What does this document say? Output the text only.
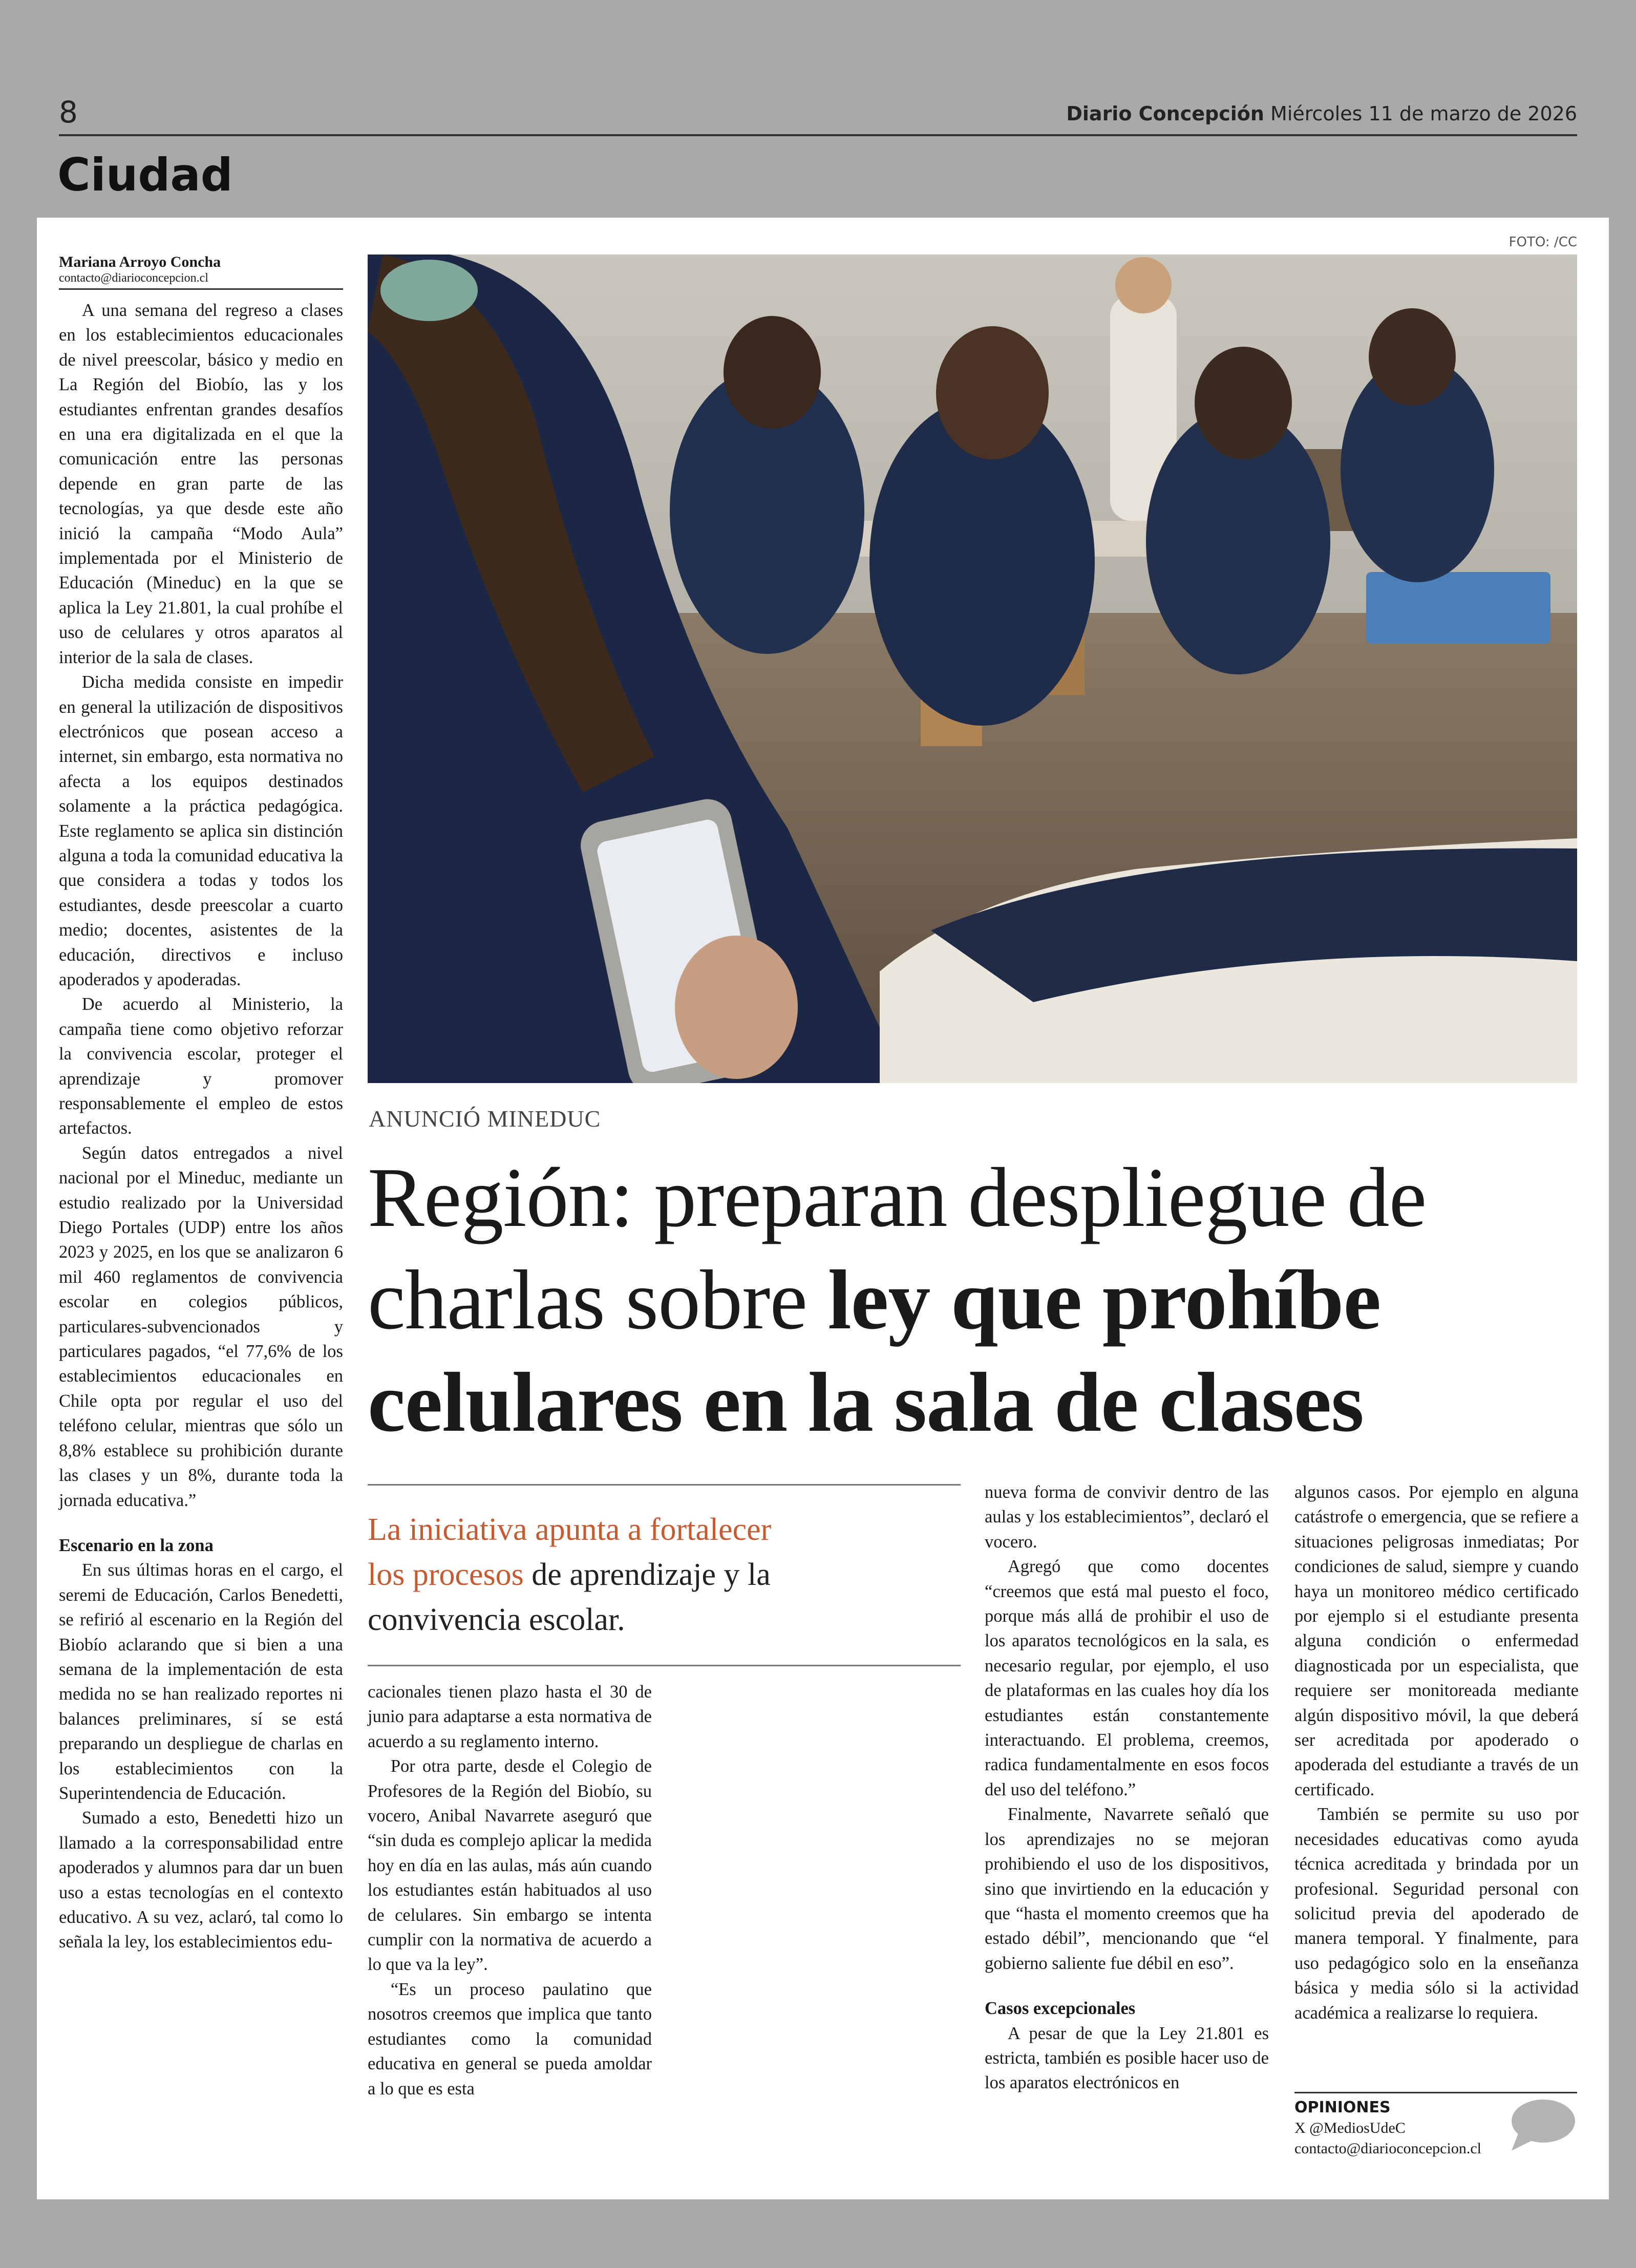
8	Diario Concepción Miércoles 11 de marzo de 2026
Ciudad
Mariana Arroyo Concha
contacto@diarioconcepcion.cl

A una semana del regreso a clases en los establecimientos educacionales de nivel preescolar, básico y medio en La Región del Biobío, las y los estudiantes enfrentan grandes desafíos en una era digitalizada en el que la comunicación entre las personas depende en gran parte de las tecnologías, ya que desde este año inició la campaña “Modo Aula” implementada por el Ministerio de Educación (Mineduc) en la que se aplica la Ley 21.801, la cual prohíbe el uso de celulares y otros aparatos al interior de la sala de clases.

Dicha medida consiste en impedir en general la utilización de dispositivos electrónicos que posean acceso a internet, sin embargo, esta normativa no afecta a los equipos destinados solamente a la práctica pedagógica. Este reglamento se aplica sin distinción alguna a toda la comunidad educativa la que considera a todas y todos los estudiantes, desde preescolar a cuarto medio; docentes, asistentes de la educación, directivos e incluso apoderados y apoderadas.

De acuerdo al Ministerio, la campaña tiene como objetivo reforzar la convivencia escolar, proteger el aprendizaje y promover responsablemente el empleo de estos artefactos.

Según datos entregados a nivel nacional por el Mineduc, mediante un estudio realizado por la Universidad Diego Portales (UDP) entre los años 2023 y 2025, en los que se analizaron 6 mil 460 reglamentos de convivencia escolar en colegios públicos, particulares-subvencionados y particulares pagados, “el 77,6% de los establecimientos educacionales en Chile opta por regular el uso del teléfono celular, mientras que sólo un 8,8% establece su prohibición durante las clases y un 8%, durante toda la jornada educativa.”

Escenario en la zona

En sus últimas horas en el cargo, el seremi de Educación, Carlos Benedetti, se refirió al escenario en la Región del Biobío aclarando que si bien a una semana de la implementación de esta medida no se han realizado reportes ni balances preliminares, sí se está preparando un despliegue de charlas en los establecimientos con la Superintendencia de Educación.

Sumado a esto, Benedetti hizo un llamado a la corresponsabilidad entre apoderados y alumnos para dar un buen uso a estas tecnologías en el contexto educativo. A su vez, aclaró, tal como lo señala la ley, los establecimientos edu-

FOTO: /CC
ANUNCIÓ MINEDUC
Región: preparan despliegue de
charlas sobre ley que prohíbe
celulares en la sala de clases
La iniciativa apunta a fortalecer
los procesos de aprendizaje y la
convivencia escolar.

cacionales tienen plazo hasta el 30 de junio para adaptarse a esta normativa de acuerdo a su reglamento interno.

Por otra parte, desde el Colegio de Profesores de la Región del Biobío, su vocero, Anibal Navarrete aseguró que “sin duda es complejo aplicar la medida hoy en día en las aulas, más aún cuando los estudiantes están habituados al uso de celulares. Sin embargo se intenta cumplir con la normativa de acuerdo a lo que va la ley”.

“Es un proceso paulatino que nosotros creemos que implica que tanto estudiantes como la comunidad educativa en general se pueda amoldar a lo que es esta

nueva forma de convivir dentro de las aulas y los establecimientos”, declaró el vocero.

Agregó que como docentes “creemos que está mal puesto el foco, porque más allá de prohibir el uso de los aparatos tecnológicos en la sala, es necesario regular, por ejemplo, el uso de plataformas en las cuales hoy día los estudiantes están constantemente interactuando. El problema, creemos, radica fundamentalmente en esos focos del uso del teléfono.”

Finalmente, Navarrete señaló que los aprendizajes no se mejoran prohibiendo el uso de los dispositivos, sino que invirtiendo en la educación y que “hasta el momento creemos que ha estado débil”, mencionando que “el gobierno saliente fue débil en eso”.

Casos excepcionales

A pesar de que la Ley 21.801 es estricta, también es posible hacer uso de los aparatos electrónicos en

algunos casos. Por ejemplo en alguna catástrofe o emergencia, que se refiere a situaciones peligrosas inmediatas; Por condiciones de salud, siempre y cuando haya un monitoreo médico certificado por ejemplo si el estudiante presenta alguna condición o enfermedad diagnosticada por un especialista, que requiere ser monitoreada mediante algún dispositivo móvil, la que deberá ser acreditada por apoderado o apoderada del estudiante a través de un certificado.

También se permite su uso por necesidades educativas como ayuda técnica acreditada y brindada por un profesional. Seguridad personal con solicitud previa del apoderado de manera temporal. Y finalmente, para uso pedagógico solo en la enseñanza básica y media sólo si la actividad académica a realizarse lo requiera.

OPINIONES
X @MediosUdeC
contacto@diarioconcepcion.cl
